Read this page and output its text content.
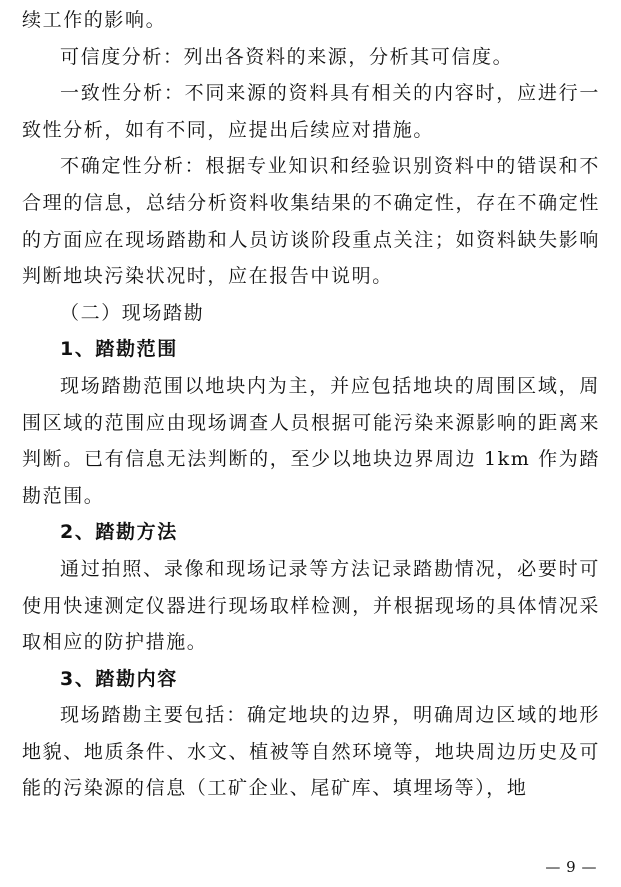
续工作的影响。

可信度分析：列出各资料的来源，分析其可信度。

一致性分析：不同来源的资料具有相关的内容时，应进行一致性分析，如有不同，应提出后续应对措施。

不确定性分析：根据专业知识和经验识别资料中的错误和不合理的信息，总结分析资料收集结果的不确定性，存在不确定性的方面应在现场踏勘和人员访谈阶段重点关注；如资料缺失影响 判断地块污染状况时，应在报告中说明。

（二）现场踏勘

1、踏勘范围

现场踏勘范围以地块内为主，并应包括地块的周围区域，周围区域的范围应由现场调查人员根据可能污染来源影响的距离来判断。已有信息无法判断的，至少以地块边界周边 1km 作为踏勘范围。

2、踏勘方法

通过拍照、录像和现场记录等方法记录踏勘情况，必要时可使用快速测定仪器进行现场取样检测，并根据现场的具体情况采取相应的防护措施。

3、踏勘内容

现场踏勘主要包括：确定地块的边界，明确周边区域的地形地貌、地质条件、水文、植被等自然环境等，地块周边历史及可能的污染源的信息（工矿企业、尾矿库、填埋场等），地

— 9 —
